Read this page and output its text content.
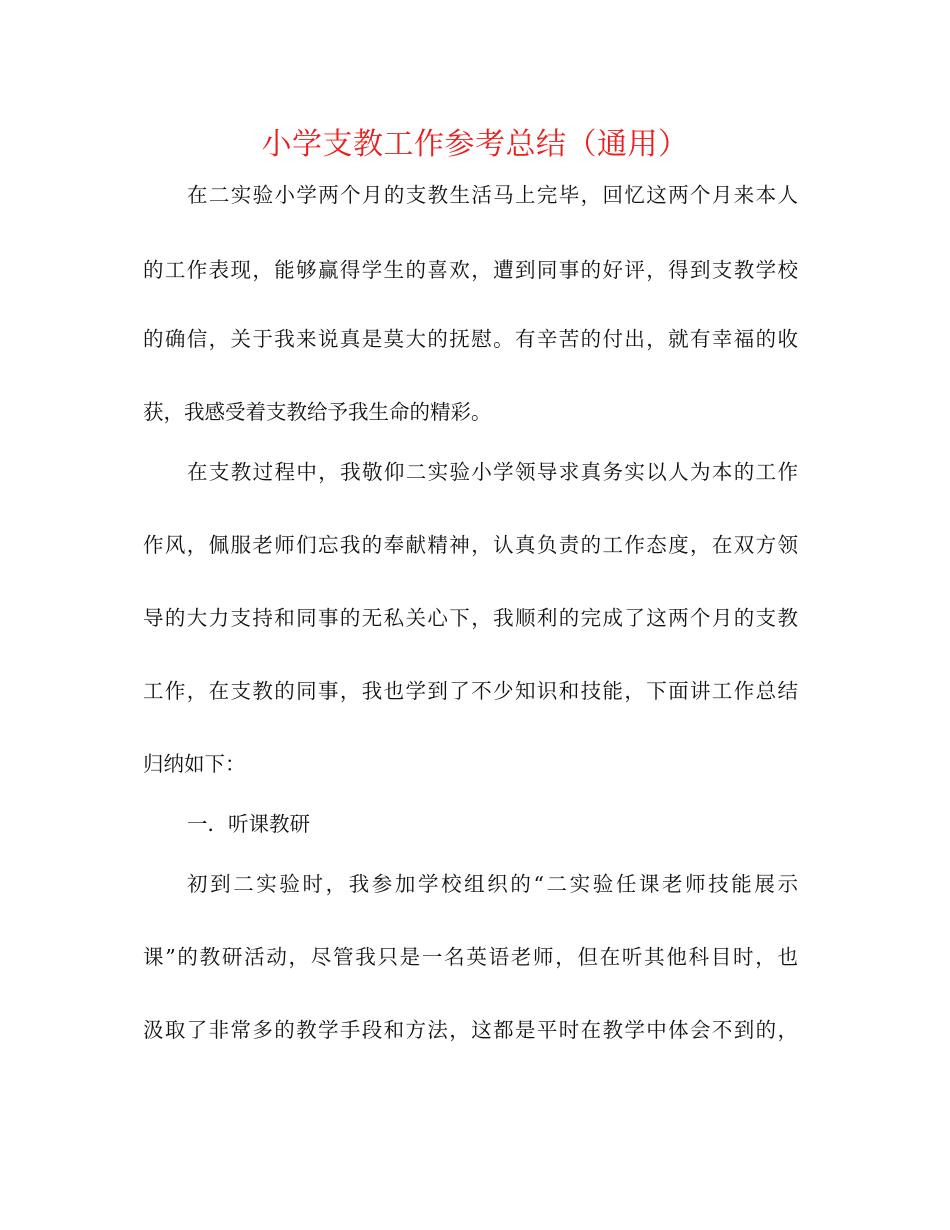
小学支教工作参考总结（通用）
在二实验小学两个月的支教生活马上完毕，回忆这两个月来本人
的工作表现，能够赢得学生的喜欢，遭到同事的好评，得到支教学校
的确信，关于我来说真是莫大的抚慰。有辛苦的付出，就有幸福的收
获，我感受着支教给予我生命的精彩。
在支教过程中，我敬仰二实验小学领导求真务实以人为本的工作
作风，佩服老师们忘我的奉献精神，认真负责的工作态度，在双方领
导的大力支持和同事的无私关心下，我顺利的完成了这两个月的支教
工作，在支教的同事，我也学到了不少知识和技能，下面讲工作总结
归纳如下：
一．听课教研
初到二实验时，我参加学校组织的“二实验任课老师技能展示
课”的教研活动，尽管我只是一名英语老师，但在听其他科目时，也
汲取了非常多的教学手段和方法，这都是平时在教学中体会不到的，
